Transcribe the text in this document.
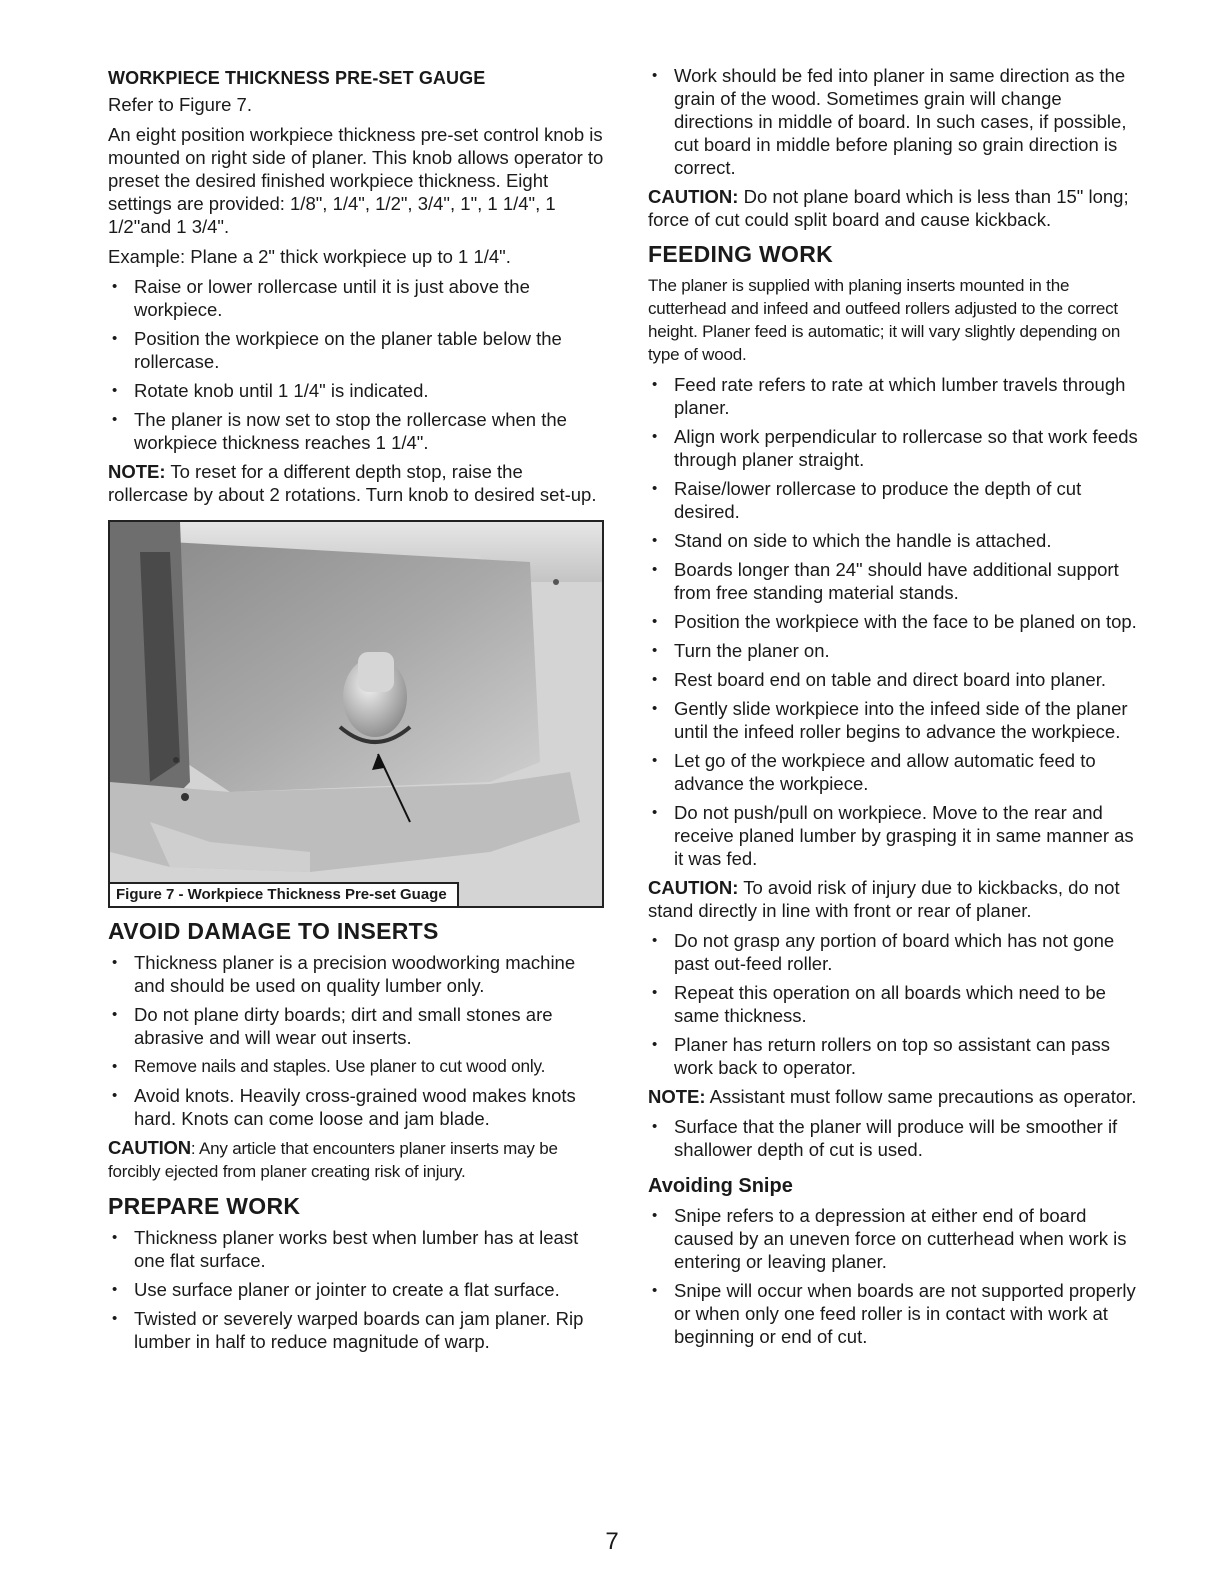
WORKPIECE THICKNESS PRE-SET GAUGE

Refer to Figure 7.

An eight position workpiece thickness pre-set control knob is mounted on right side of planer. This knob allows operator to preset the desired finished workpiece thickness. Eight settings are provided: 1/8", 1/4", 1/2", 3/4", 1", 1 1/4", 1 1/2"and 1 3/4".

Example: Plane a 2" thick workpiece up to 1 1/4".

• Raise or lower rollercase until it is just above the workpiece.
• Position the workpiece on the planer table below the rollercase.
• Rotate knob until 1 1/4" is indicated.
• The planer is now set to stop the rollercase when the workpiece thickness reaches 1 1/4".

NOTE: To reset for a different depth stop, raise the rollercase by about 2 rotations. Turn knob to desired set-up.

Figure 7 - Workpiece Thickness Pre-set Guage
AVOID DAMAGE TO INSERTS
• Thickness planer is a precision woodworking machine and should be used on quality lumber only.
• Do not plane dirty boards; dirt and small stones are abrasive and will wear out inserts.
• Remove nails and staples. Use planer to cut wood only.
• Avoid knots. Heavily cross-grained wood makes knots hard. Knots can come loose and jam blade.

CAUTION: Any article that encounters planer inserts may be forcibly ejected from planer creating risk of injury.

PREPARE WORK
• Thickness planer works best when lumber has at least one flat surface.
• Use surface planer or jointer to create a flat surface.
• Twisted or severely warped boards can jam planer. Rip lumber in half to reduce magnitude of warp.
• Work should be fed into planer in same direction as the grain of the wood. Sometimes grain will change directions in middle of board. In such cases, if possible, cut board in middle before planing so grain direction is correct.

CAUTION: Do not plane board which is less than 15" long; force of cut could split board and cause kickback.

FEEDING WORK

The planer is supplied with planing inserts mounted in the cutterhead and infeed and outfeed rollers adjusted to the correct height. Planer feed is automatic; it will vary slightly depending on type of wood.

• Feed rate refers to rate at which lumber travels through planer.
• Align work perpendicular to rollercase so that work feeds through planer straight.
• Raise/lower rollercase to produce the depth of cut desired.
• Stand on side to which the handle is attached.
• Boards longer than 24" should have additional support from free standing material stands.
• Position the workpiece with the face to be planed on top.
• Turn the planer on.
• Rest board end on table and direct board into planer.
• Gently slide workpiece into the infeed side of the planer until the infeed roller begins to advance the workpiece.
• Let go of the workpiece and allow automatic feed to advance the workpiece.
• Do not push/pull on workpiece. Move to the rear and receive planed lumber by grasping it in same manner as it was fed.

CAUTION: To avoid risk of injury due to kickbacks, do not stand directly in line with front or rear of planer.

• Do not grasp any portion of board which has not gone past out-feed roller.
• Repeat this operation on all boards which need to be same thickness.
• Planer has return rollers on top so assistant can pass work back to operator.

NOTE: Assistant must follow same precautions as operator.

• Surface that the planer will produce will be smoother if shallower depth of cut is used.
Avoiding Snipe
• Snipe refers to a depression at either end of board caused by an uneven force on cutterhead when work is entering or leaving planer.
• Snipe will occur when boards are not supported properly or when only one feed roller is in contact with work at beginning or end of cut.
7
